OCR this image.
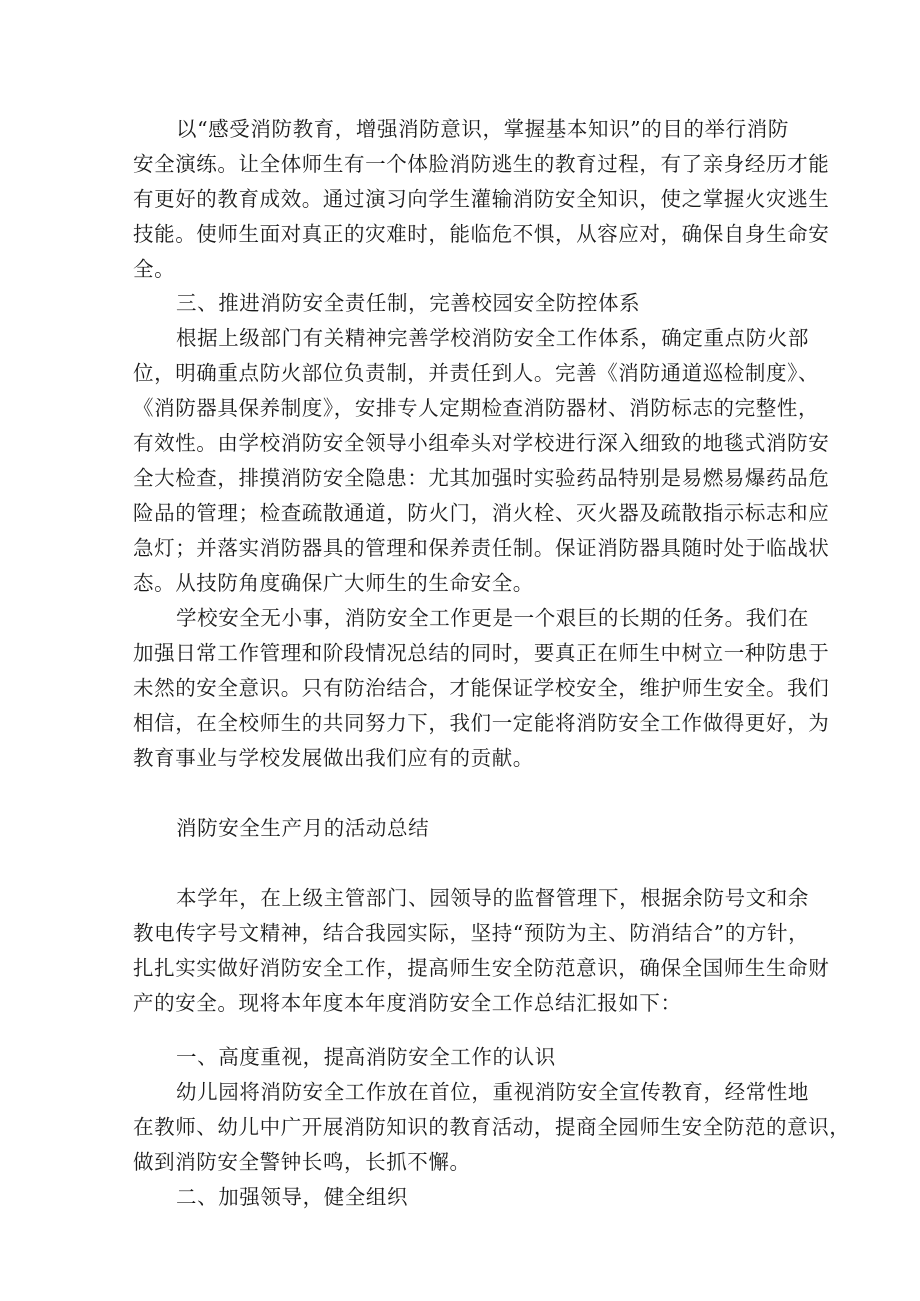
以“感受消防教育，增强消防意识，掌握基本知识”的目的举行消防
安全演练。让全体师生有一个体脸消防逃生的教育过程，有了亲身经历才能
有更好的教育成效。通过演习向学生灌输消防安全知识，使之掌握火灾逃生
技能。使师生面对真正的灾难时，能临危不惧，从容应对，确保自身生命安
全。
三、推进消防安全责任制，完善校园安全防控体系
根据上级部门有关精神完善学校消防安全工作体系，确定重点防火部
位，明确重点防火部位负责制，并责任到人。完善《消防通道巡检制度》、
《消防器具保养制度》，安排专人定期检查消防器材、消防标志的完整性，
有效性。由学校消防安全领导小组牵头对学校进行深入细致的地毯式消防安
全大检查，排摸消防安全隐患：尤其加强时实验药品特别是易燃易爆药品危
险品的管理；检查疏散通道，防火门，消火栓、灭火器及疏散指示标志和应
急灯；并落实消防器具的管理和保养责任制。保证消防器具随时处于临战状
态。从技防角度确保广大师生的生命安全。
学校安全无小事，消防安全工作更是一个艰巨的长期的任务。我们在
加强日常工作管理和阶段情况总结的同时，要真正在师生中树立一种防患于
未然的安全意识。只有防治结合，才能保证学校安全，维护师生安全。我们
相信，在全校师生的共同努力下，我们一定能将消防安全工作做得更好，为
教育事业与学校发展做出我们应有的贡献。
消防安全生产月的活动总结
本学年，在上级主管部门、园领导的监督管理下，根据余防号文和余
教电传字号文精神，结合我园实际，坚持“预防为主、防消结合”的方针，
扎扎实实做好消防安全工作，提高师生安全防范意识，确保全国师生生命财
产的安全。现将本年度本年度消防安全工作总结汇报如下：
一、高度重视，提高消防安全工作的认识
幼儿园将消防安全工作放在首位，重视消防安全宣传教育，经常性地
在教师、幼儿中广开展消防知识的教育活动，提商全园师生安全防范的意识，
做到消防安全警钟长鸣，长抓不懈。
二、加强领导，健全组织
